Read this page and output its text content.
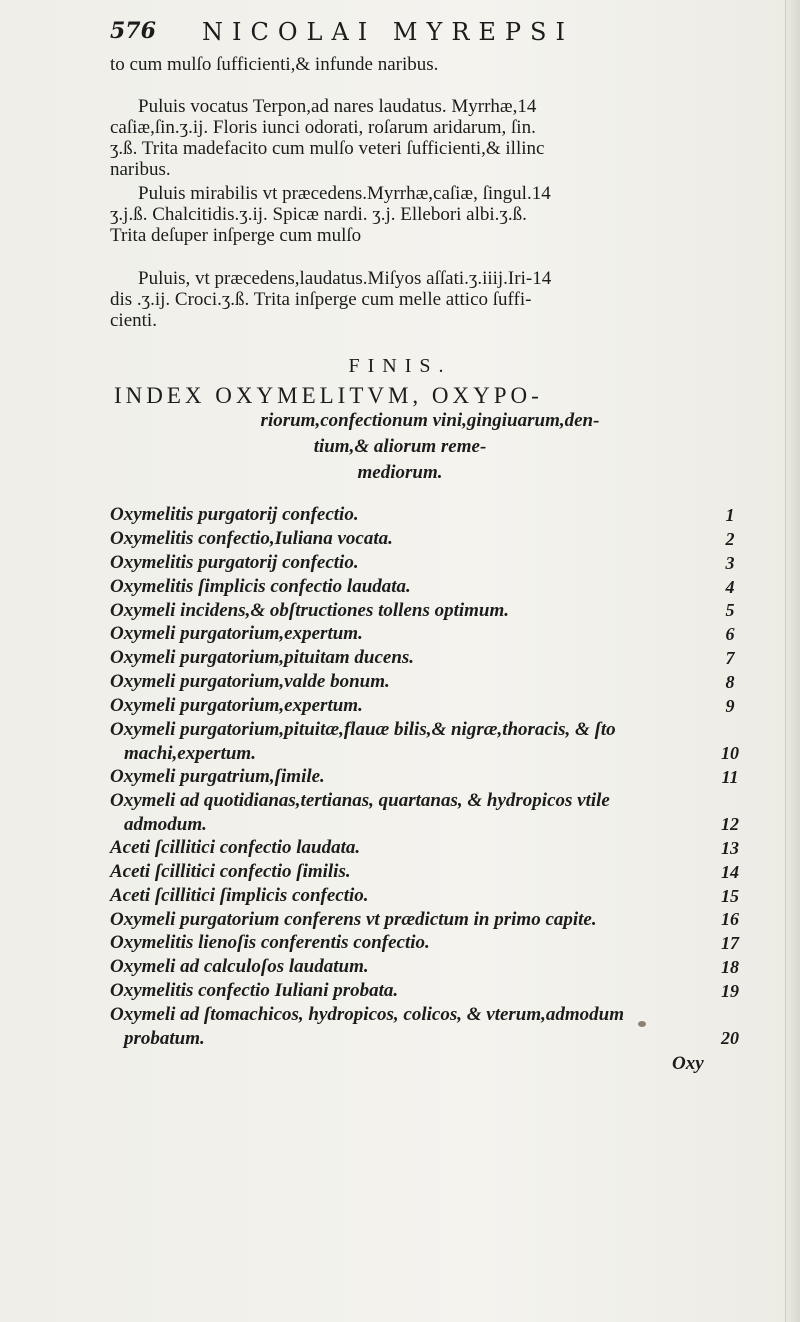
576 NICOLAI MYREPSI
to cum mulſo ſufficienti,& infunde naribus.
Puluis vocatus Terpon,ad nares laudatus. Myrrhæ,14
caſiæ,ſin.ʒ.ij. Floris iunci odorati, roſarum aridarum, ſin.
ʒ.ß. Trita madefacito cum mulſo veteri ſufficienti,& illinc
naribus.
Puluis mirabilis vt præcedens.Myrrhæ,caſiæ, ſingul.14
ʒ.j.ß. Chalcitidis.ʒ.ij. Spicæ nardi. ʒ.j. Ellebori albi.ʒ.ß.
Trita deſuper inſperge cum mulſo
Puluis, vt præcedens,laudatus.Miſyos aſſati.ʒ.iiij.Iri-14
dis .ʒ.ij. Croci.ʒ.ß. Trita inſperge cum melle attico ſuffi-
cienti.
FINIS.
INDEX OXYMELITVM, OXYPO-
riorum,confectionum vini,gingiuarum,den-
tium,& aliorum reme-
mediorum.
Oxymelitis purgatorij confectio.	1
Oxymelitis confectio,Iuliana vocata.	2
Oxymelitis purgatorij confectio.	3
Oxymelitis ſimplicis confectio laudata.	4
Oxymeli incidens,& obſtructiones tollens optimum.	5
Oxymeli purgatorium,expertum.	6
Oxymeli purgatorium,pituitam ducens.	7
Oxymeli purgatorium,valde bonum.	8
Oxymeli purgatorium,expertum.	9
Oxymeli purgatorium,pituitæ,flauæ bilis,& nigræ,thoracis, & ſto
machi,expertum.	10
Oxymeli purgatrium,ſimile.	11
Oxymeli ad quotidianas,tertianas, quartanas, & hydropicos vtile
admodum.	12
Aceti ſcillitici confectio laudata.	13
Aceti ſcillitici confectio ſimilis.	14
Aceti ſcillitici ſimplicis confectio.	15
Oxymeli purgatorium conferens vt prædictum in primo capite.	16
Oxymelitis lienoſis conferentis confectio.	17
Oxymeli ad calculoſos laudatum.	18
Oxymelitis confectio Iuliani probata.	19
Oxymeli ad ſtomachicos, hydropicos, colicos, & vterum,admodum
probatum.	20
Oxy
